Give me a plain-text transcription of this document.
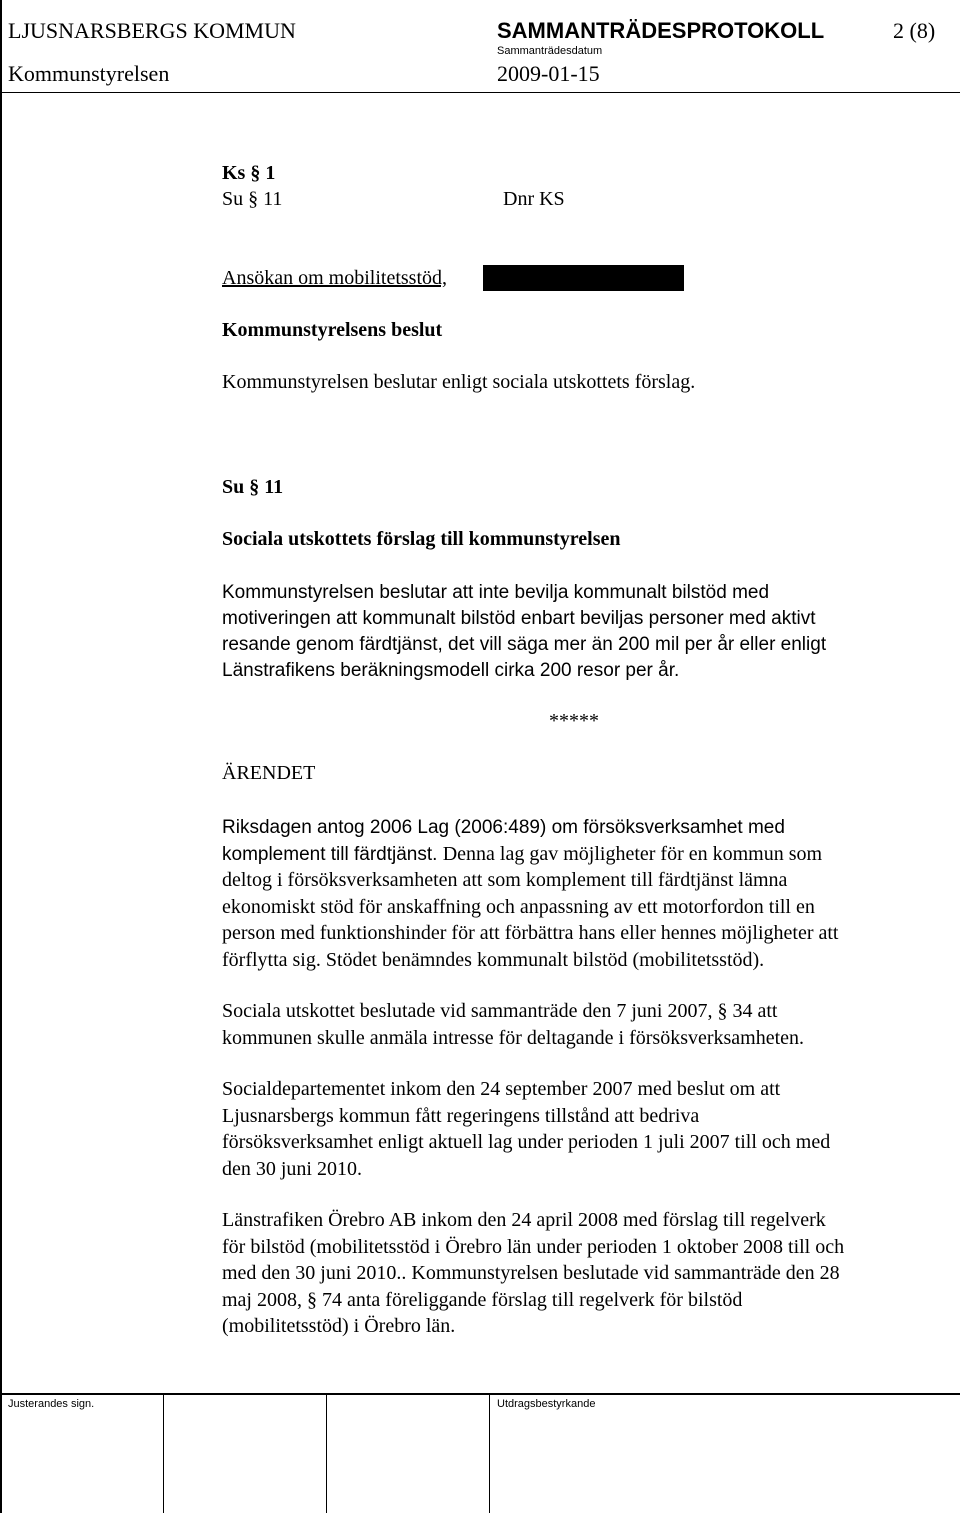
LJUSNARSBERGS KOMMUN	SAMMANTRÄDESPROTOKOLL	2 (8)
Sammanträdesdatum
Kommunstyrelsen	2009-01-15
Ks § 1
Su § 11	Dnr KS
Ansökan om mobilitetsstöd,
Kommunstyrelsens beslut
Kommunstyrelsen beslutar enligt sociala utskottets förslag.
Su § 11
Sociala utskottets förslag till kommunstyrelsen
Kommunstyrelsen beslutar att inte bevilja kommunalt bilstöd med
motiveringen att kommunalt bilstöd enbart beviljas personer med aktivt
resande genom färdtjänst, det vill säga mer än 200 mil per år eller enligt
Länstrafikens beräkningsmodell cirka 200 resor per år.
*****
ÄRENDET
Riksdagen antog 2006 Lag (2006:489) om försöksverksamhet med
komplement till färdtjänst. Denna lag gav möjligheter för en kommun som
deltog i försöksverksamheten att som komplement till färdtjänst lämna
ekonomiskt stöd för anskaffning och anpassning av ett motorfordon till en
person med funktionshinder för att förbättra hans eller hennes möjligheter att
förflytta sig. Stödet benämndes kommunalt bilstöd (mobilitetsstöd).
Sociala utskottet beslutade vid sammanträde den 7 juni 2007, § 34 att
kommunen skulle anmäla intresse för deltagande i försöksverksamheten.
Socialdepartementet inkom den 24 september 2007 med beslut om att
Ljusnarsbergs kommun fått regeringens tillstånd att bedriva
försöksverksamhet enligt aktuell lag under perioden 1 juli 2007 till och med
den 30 juni 2010.
Länstrafiken Örebro AB inkom den 24 april 2008 med förslag till regelverk
för bilstöd (mobilitetsstöd i Örebro län under perioden 1 oktober 2008 till och
med den 30 juni 2010.. Kommunstyrelsen beslutade vid sammanträde den 28
maj 2008, § 74 anta föreliggande förslag till regelverk för bilstöd
(mobilitetsstöd) i Örebro län.
Justerandes sign.	Utdragsbestyrkande
